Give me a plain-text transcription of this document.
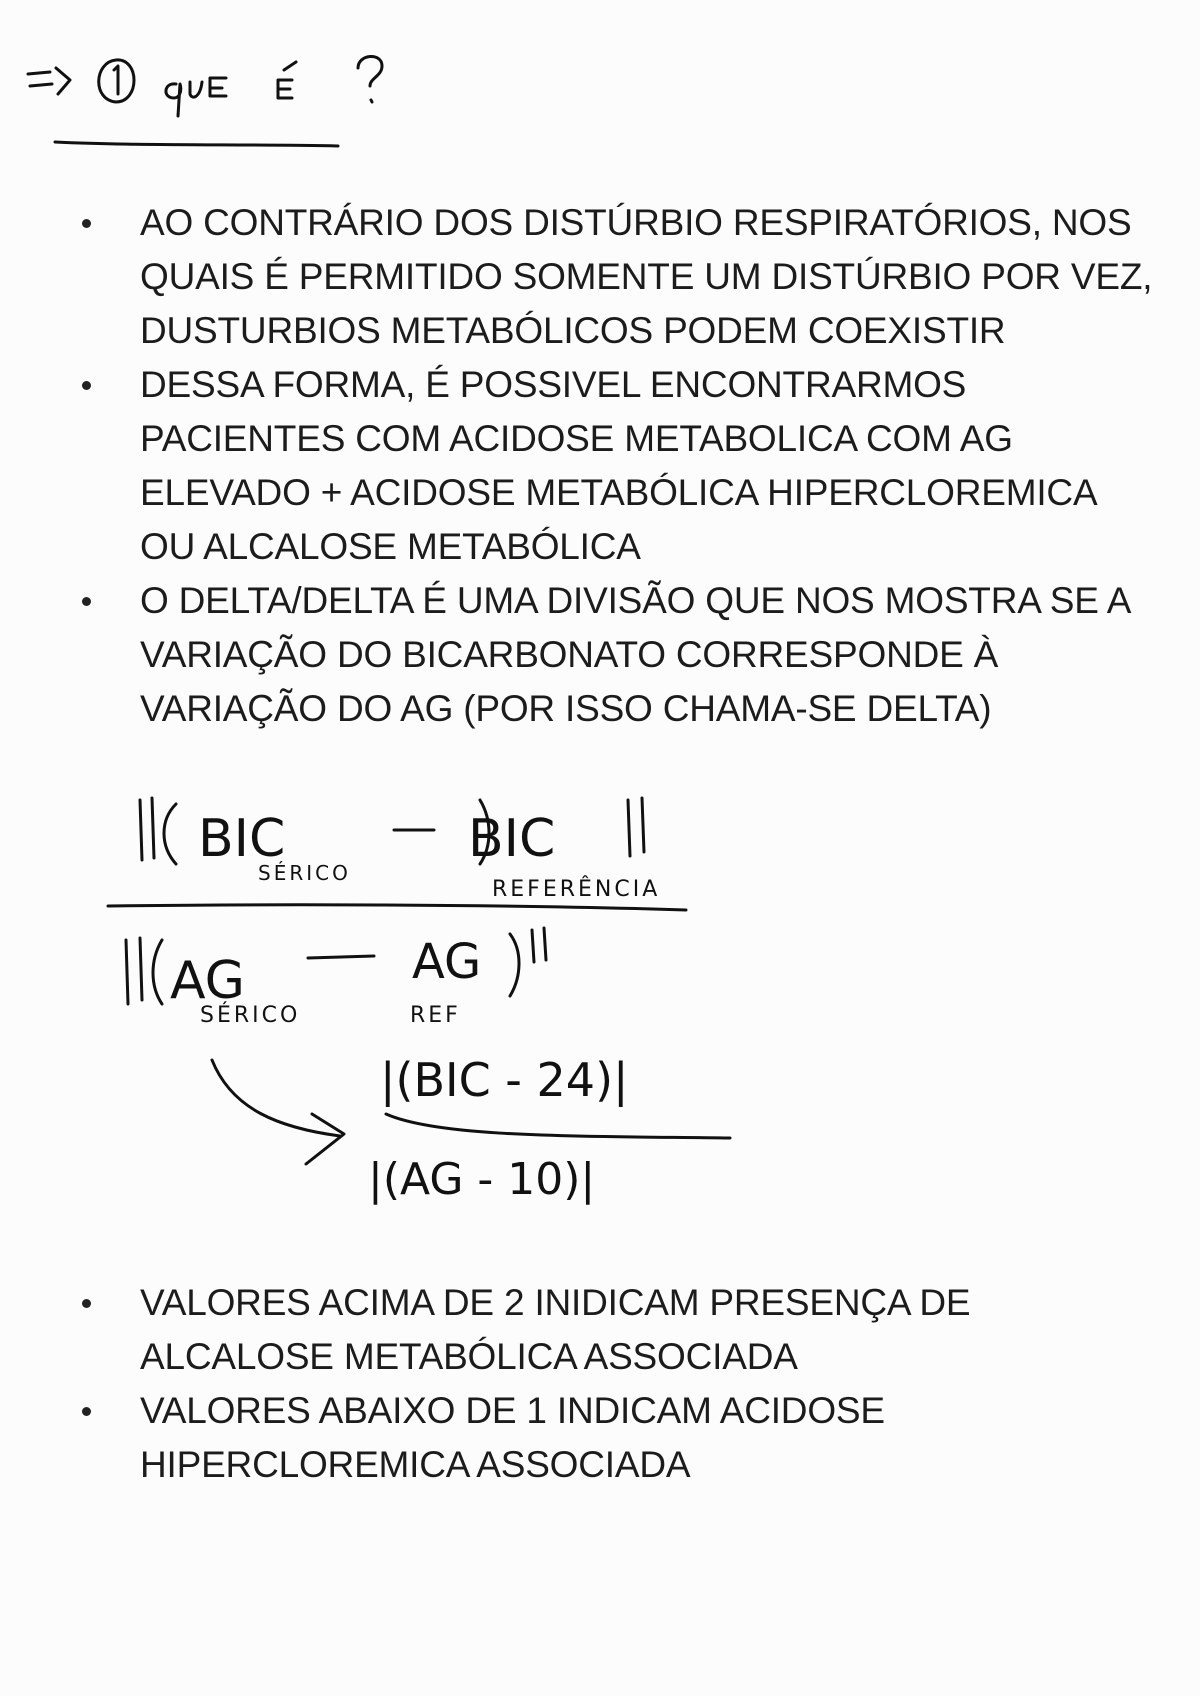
BIC
SÉRICO
BIC
REFERÊNCIA
AG
SÉRICO
AG
REF
|(BIC - 24)|
|(AG - 10)|
AO CONTRÁRIO DOS DISTÚRBIO RESPIRATÓRIOS, NOS QUAIS É PERMITIDO SOMENTE UM DISTÚRBIO POR VEZ, DUSTURBIOS METABÓLICOS PODEM COEXISTIR
DESSA FORMA, É POSSIVEL ENCONTRARMOS PACIENTES COM ACIDOSE METABOLICA COM AG ELEVADO + ACIDOSE METABÓLICA HIPERCLOREMICA OU ALCALOSE METABÓLICA
O DELTA/DELTA É UMA DIVISÃO QUE NOS MOSTRA SE A VARIAÇÃO DO BICARBONATO CORRESPONDE À VARIAÇÃO DO AG (POR ISSO CHAMA-SE DELTA)
VALORES ACIMA DE 2 INIDICAM PRESENÇA DE ALCALOSE METABÓLICA ASSOCIADA
VALORES ABAIXO DE 1 INDICAM ACIDOSE HIPERCLOREMICA ASSOCIADA
